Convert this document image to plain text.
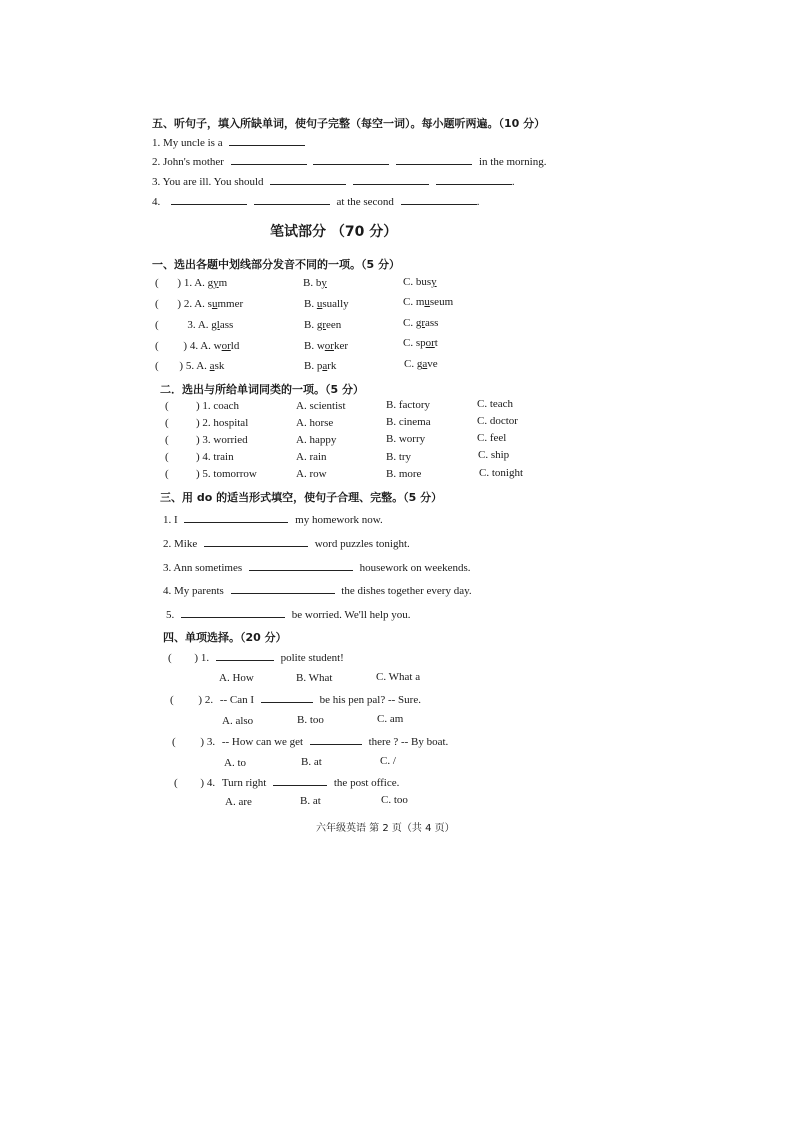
五、听句子，填入所缺单词，使句子完整（每空一词）。每小题听两遍。（10 分）
1. My uncle is a
2. John's mother	in the morning.
3. You are ill. You should	.
4.	at the second	.
笔试部分 （70 分）
一、选出各题中划线部分发音不同的一项。（5 分）
( ) 1. A. gym	B. by	C. busy
( ) 2. A. summer	B. usually	C. museum
(	3. A. glass	B. green	C. grass
( ) 4. A. world	B. worker	C. sport
( ) 5. A. ask	B. park	C. gave
二．选出与所给单词同类的一项。（5 分）
( ) 1. coach	A. scientist	B. factory	C. teach
( ) 2. hospital	A. horse	B. cinema	C. doctor
( ) 3. worried	A. happy	B. worry	C. feel
( ) 4. train	A. rain	B. try	C. ship
( ) 5. tomorrow	A. row	B. more	C. tonight
三、用 do 的适当形式填空，使句子合理、完整。（5 分）
1. I	my homework now.
2. Mike	word puzzles tonight.
3. Ann sometimes	housework on weekends.
4. My parents	the dishes together every day.
5.	be worried. We'll help you.
四、单项选择。（20 分）
( ) 1.	polite student!
A. How	B. What	C. What a
( ) 2. -- Can I	be his pen pal? -- Sure.
A. also	B. too	C. am
( ) 3. -- How can we get	there ? -- By boat.
A. to	B. at	C. /
( ) 4. Turn right	the post office.
A. are	B. at	C. too
六年级英语 第 2 页（共 4 页）
